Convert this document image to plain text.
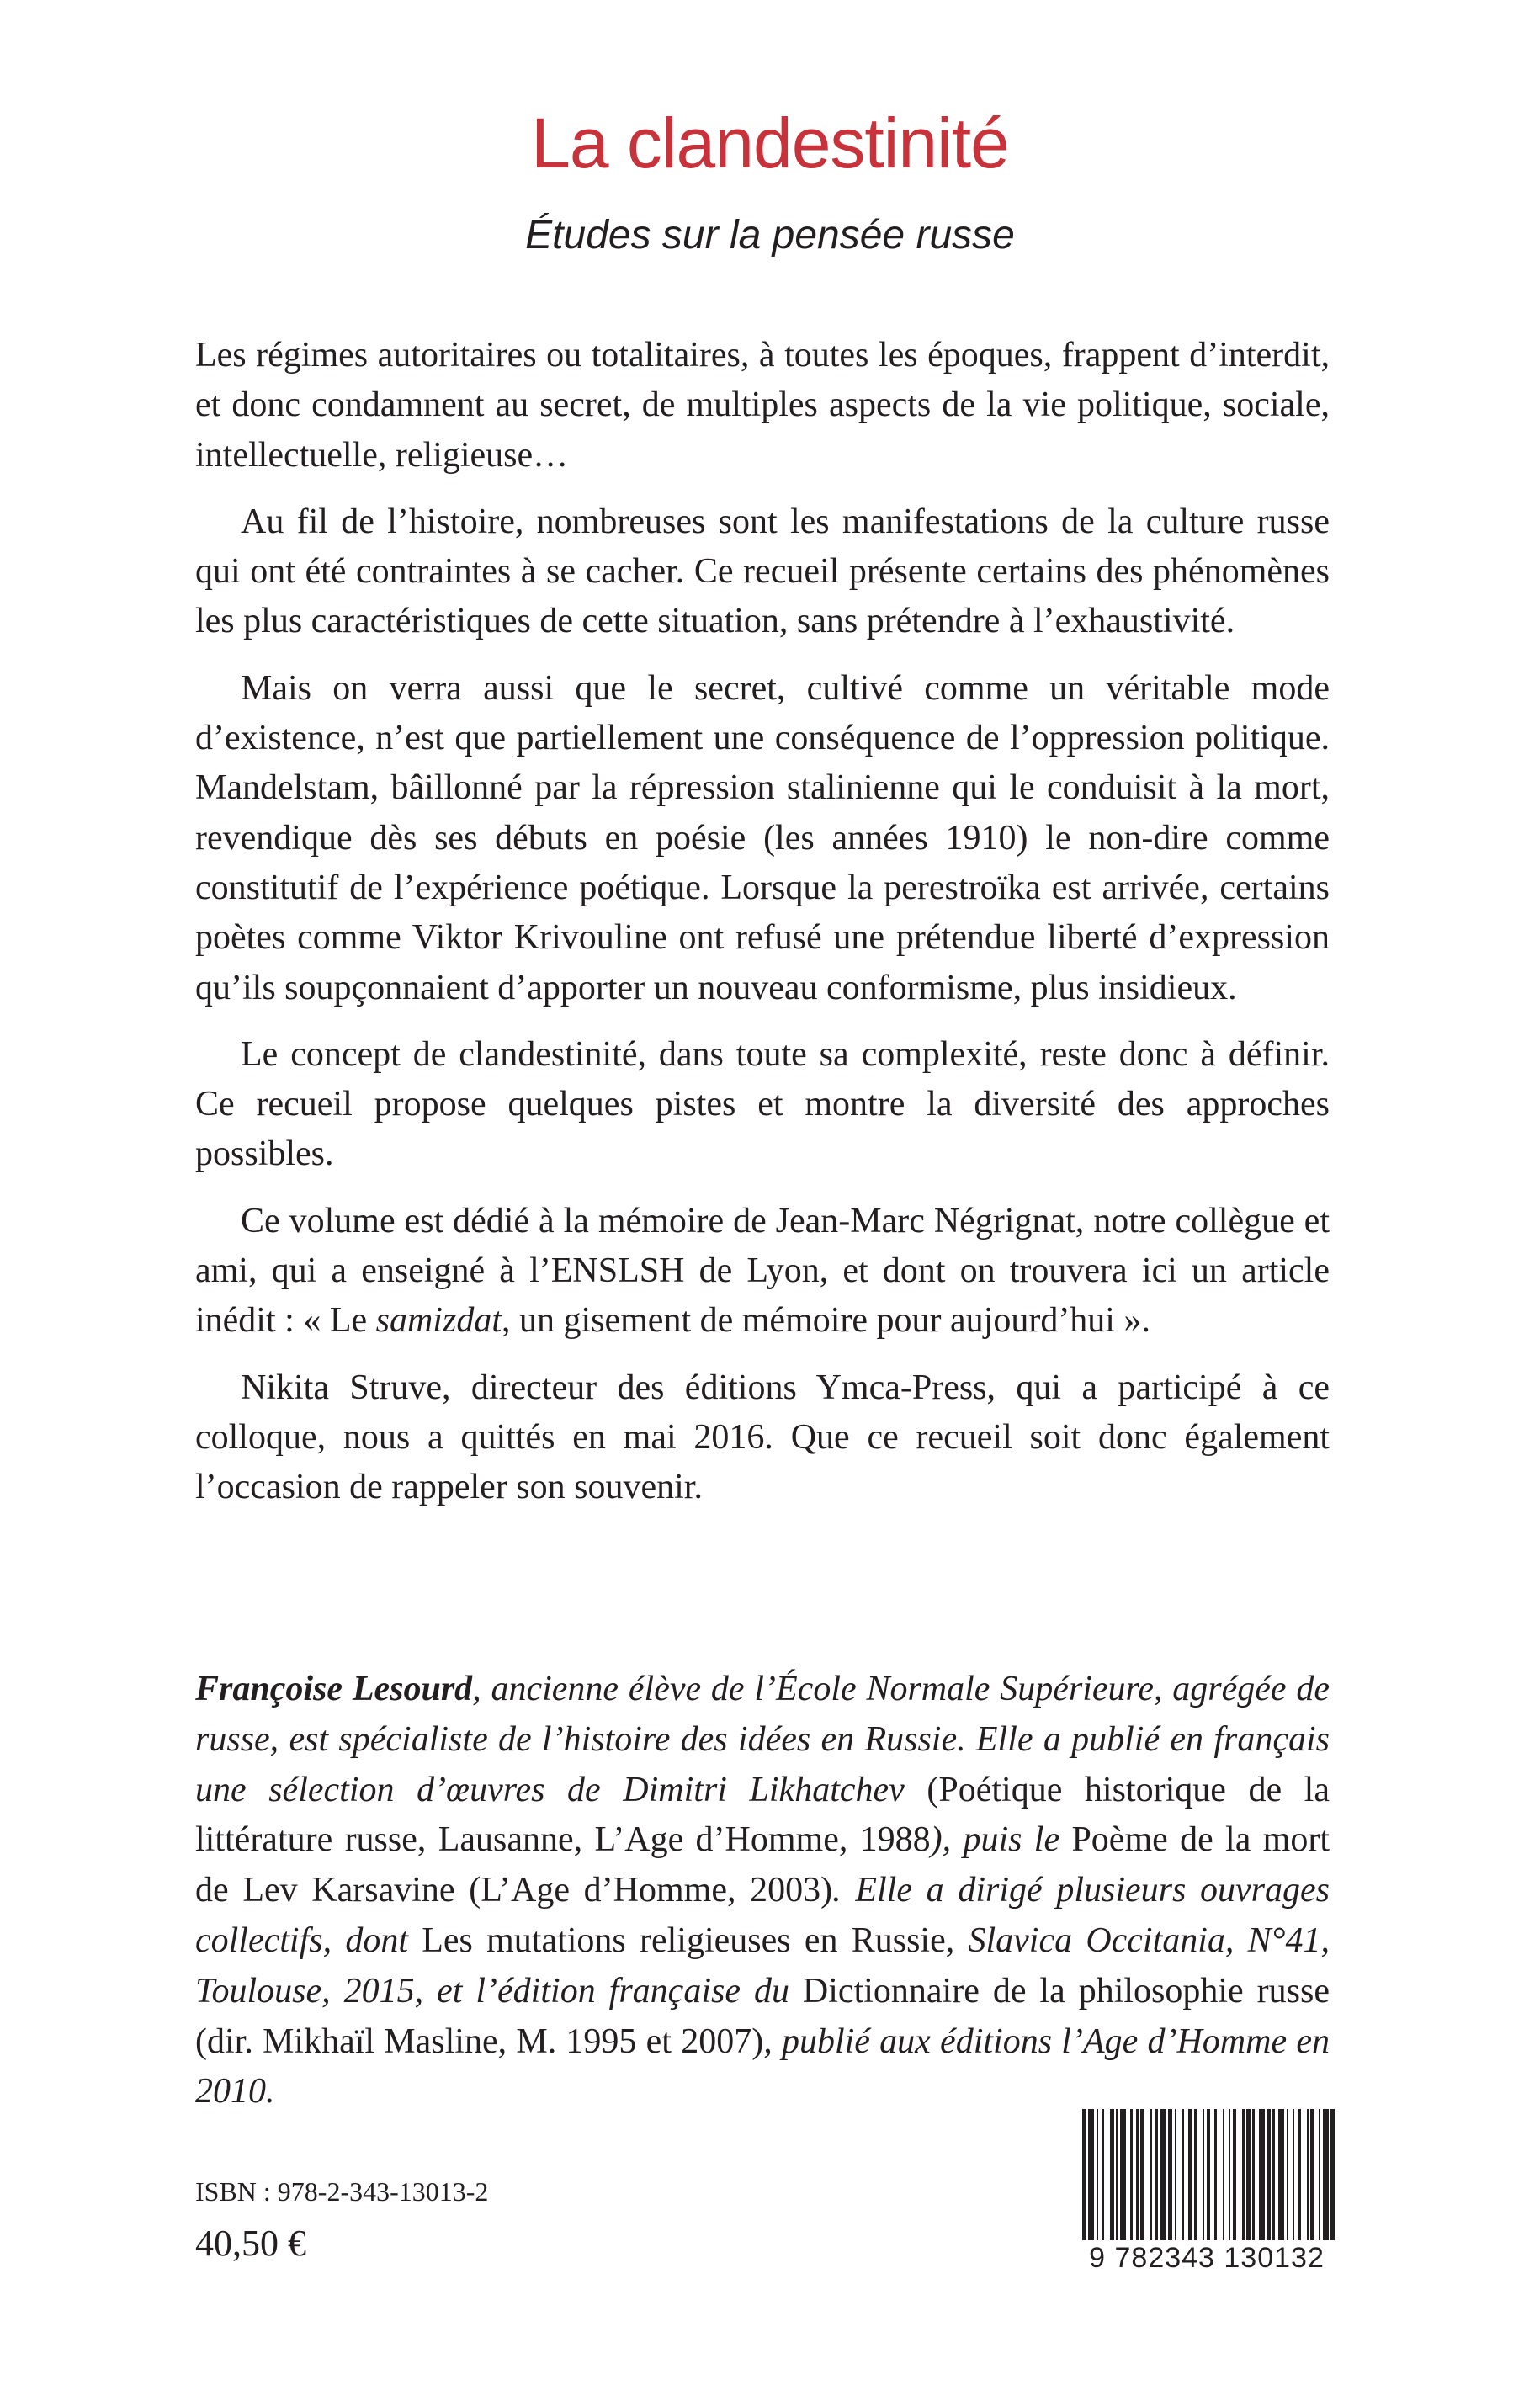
La clandestinité
Études sur la pensée russe

Les régimes autoritaires ou totalitaires, à toutes les époques, frappent d’interdit, et donc condamnent au secret, de multiples aspects de la vie politique, sociale, intellectuelle, religieuse…

Au fil de l’histoire, nombreuses sont les manifestations de la culture russe qui ont été contraintes à se cacher. Ce recueil présente certains des phénomènes les plus caractéristiques de cette situation, sans prétendre à l’exhaustivité.

Mais on verra aussi que le secret, cultivé comme un véritable mode d’existence, n’est que partiellement une conséquence de l’oppression politique. Mandelstam, bâillonné par la répression stalinienne qui le conduisit à la mort, revendique dès ses débuts en poésie (les années 1910) le non-dire comme constitutif de l’expérience poétique. Lorsque la perestroïka est arrivée, certains poètes comme Viktor Krivouline ont refusé une prétendue liberté d’expression qu’ils soupçonnaient d’apporter un nouveau conformisme, plus insidieux.

Le concept de clandestinité, dans toute sa complexité, reste donc à définir. Ce recueil propose quelques pistes et montre la diversité des approches possibles.

Ce volume est dédié à la mémoire de Jean-Marc Négrignat, notre collègue et ami, qui a enseigné à l’ENSLSH de Lyon, et dont on trouvera ici un article inédit : « Le samizdat, un gisement de mémoire pour aujourd’hui ».

Nikita Struve, directeur des éditions Ymca-Press, qui a participé à ce colloque, nous a quittés en mai 2016. Que ce recueil soit donc également l’occasion de rappeler son souvenir.

Françoise Lesourd, ancienne élève de l’École Normale Supérieure, agrégée de russe, est spécialiste de l’histoire des idées en Russie. Elle a publié en français une sélection d’œuvres de Dimitri Likhatchev (Poétique historique de la littérature russe, Lausanne, L’Age d’Homme, 1988), puis le Poème de la mort de Lev Karsavine (L’Age d’Homme, 2003). Elle a dirigé plusieurs ouvrages collectifs, dont Les mutations religieuses en Russie, Slavica Occitania, N°41, Toulouse, 2015, et l’édition française du Dictionnaire de la philosophie russe (dir. Mikhaïl Masline, M. 1995 et 2007), publié aux éditions l’Age d’Homme en 2010.
ISBN : 978-2-343-13013-2
40,50 €	9 782343 130132
